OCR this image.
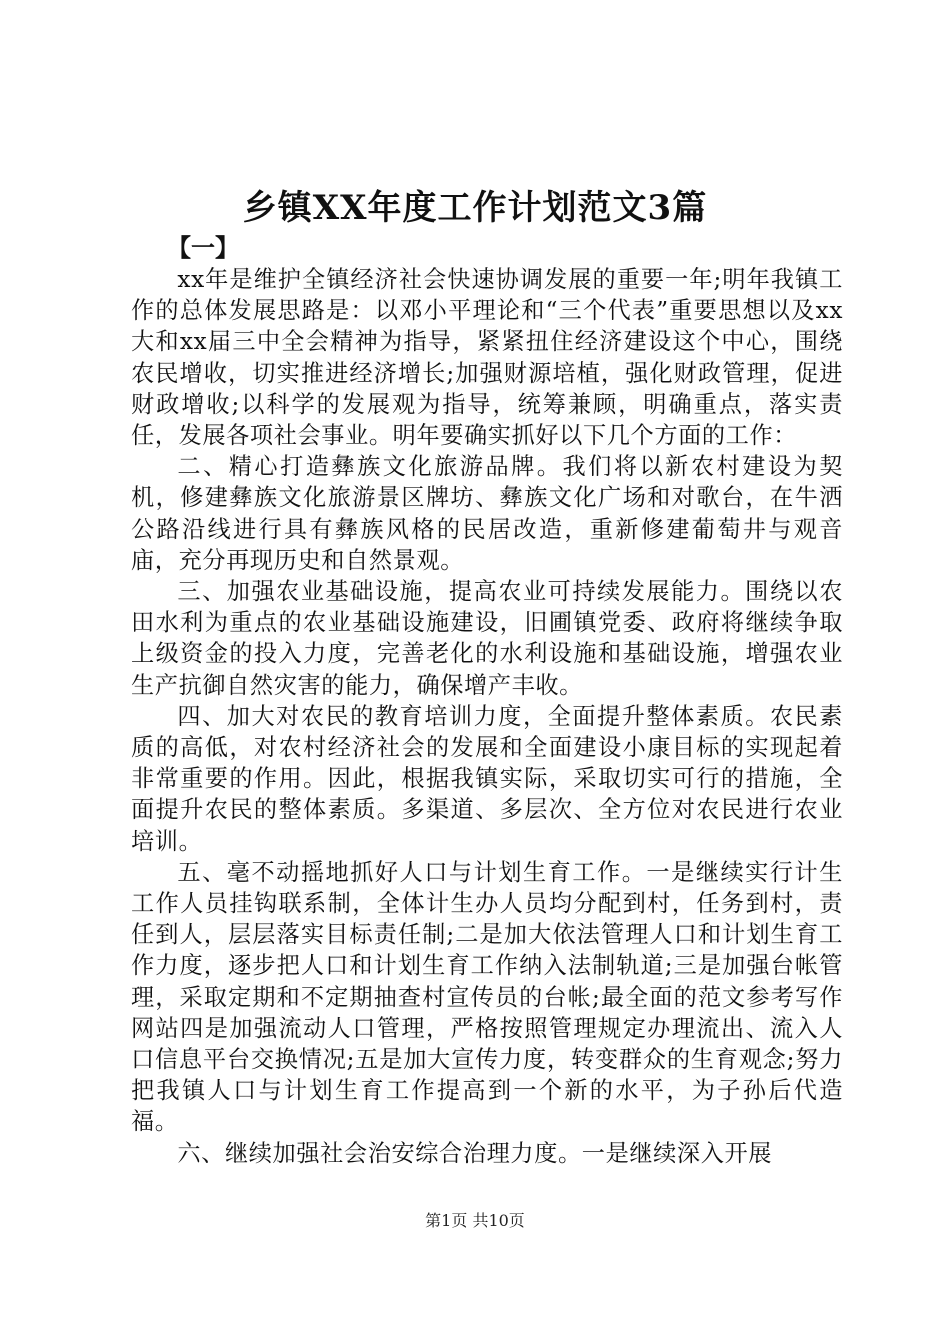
乡镇XX年度工作计划范文3篇
【一】

xx年是维护全镇经济社会快速协调发展的重要一年;明年我镇工作的总体发展思路是：以邓小平理论和“三个代表”重要思想以及xx大和xx届三中全会精神为指导，紧紧扭住经济建设这个中心，围绕农民增收，切实推进经济增长;加强财源培植，强化财政管理，促进财政增收;以科学的发展观为指导，统筹兼顾，明确重点，落实责任，发展各项社会事业。明年要确实抓好以下几个方面的工作：

二、精心打造彝族文化旅游品牌。我们将以新农村建设为契机，修建彝族文化旅游景区牌坊、彝族文化广场和对歌台，在牛洒公路沿线进行具有彝族风格的民居改造，重新修建葡萄井与观音庙，充分再现历史和自然景观。

三、加强农业基础设施，提高农业可持续发展能力。围绕以农田水利为重点的农业基础设施建设，旧圃镇党委、政府将继续争取上级资金的投入力度，完善老化的水利设施和基础设施，增强农业生产抗御自然灾害的能力，确保增产丰收。

四、加大对农民的教育培训力度，全面提升整体素质。农民素质的高低，对农村经济社会的发展和全面建设小康目标的实现起着非常重要的作用。因此，根据我镇实际，采取切实可行的措施，全面提升农民的整体素质。多渠道、多层次、全方位对农民进行农业培训。

五、毫不动摇地抓好人口与计划生育工作。一是继续实行计生工作人员挂钩联系制，全体计生办人员均分配到村，任务到村，责任到人，层层落实目标责任制;二是加大依法管理人口和计划生育工作力度，逐步把人口和计划生育工作纳入法制轨道;三是加强台帐管理，采取定期和不定期抽查村宣传员的台帐;最全面的范文参考写作网站四是加强流动人口管理，严格按照管理规定办理流出、流入人口信息平台交换情况;五是加大宣传力度，转变群众的生育观念;努力把我镇人口与计划生育工作提高到一个新的水平，为子孙后代造福。

六、继续加强社会治安综合治理力度。一是继续深入开展

第1页 共10页
